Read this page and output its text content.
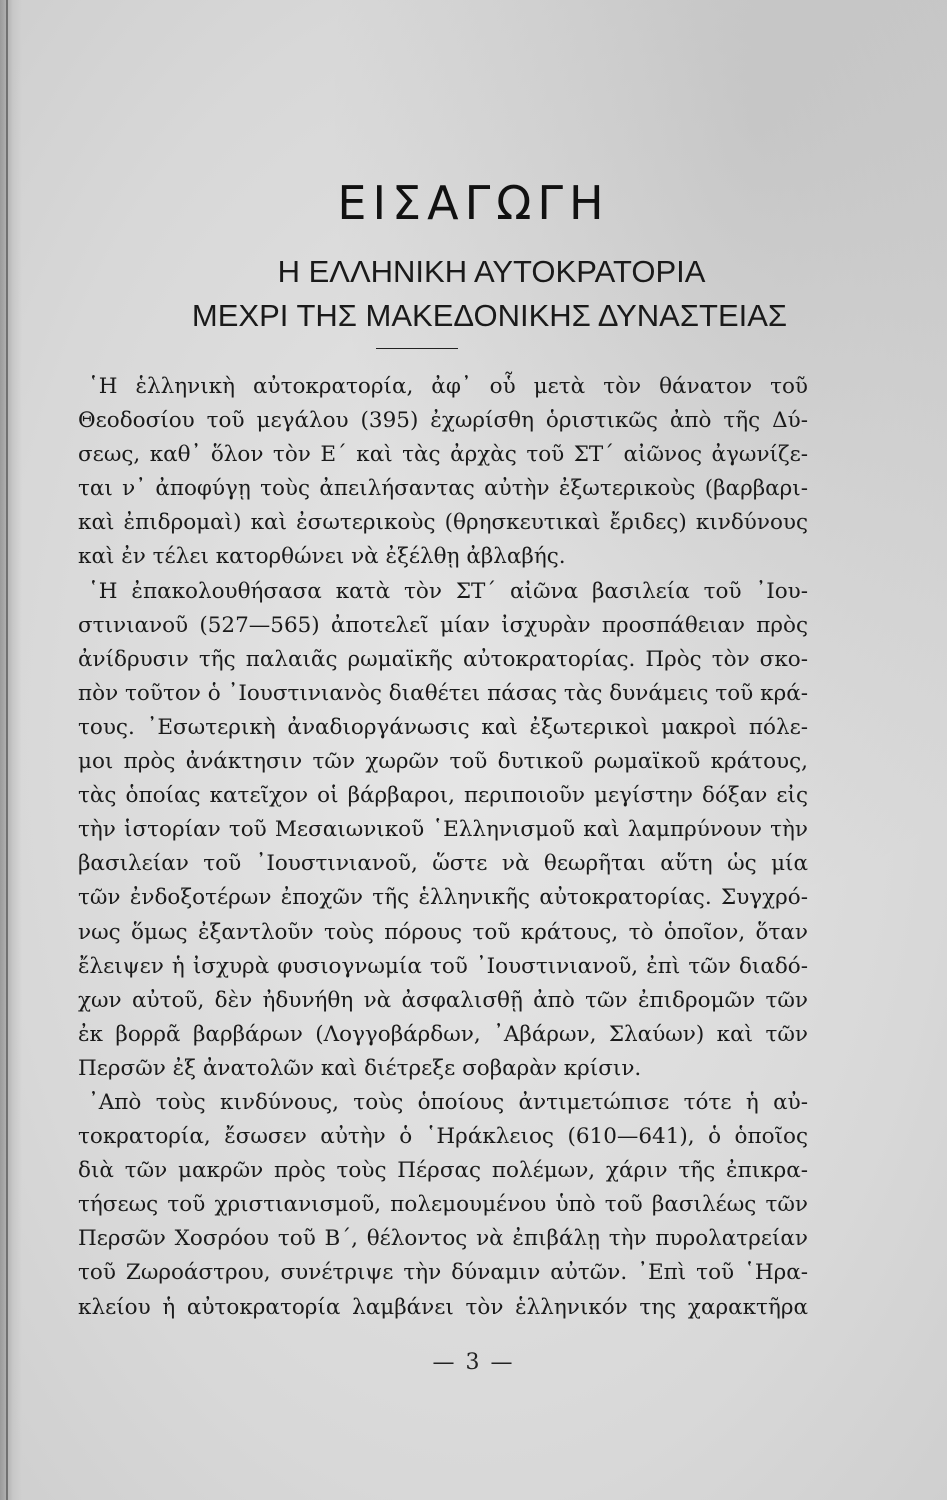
ΕΙΣΑΓΩΓΗ
Η ΕΛΛΗΝΙΚΗ ΑΥΤΟΚΡΑΤΟΡΙΑ
ΜΕΧΡΙ ΤΗΣ ΜΑΚΕΔΟΝΙΚΗΣ ΔΥΝΑΣΤΕΙΑΣ
῾Η ἑλληνικὴ αὐτοκρατορία, ἀφ᾿ οὗ μετὰ τὸν θάνατον τοῦ
Θεοδοσίου τοῦ μεγάλου (395) ἐχωρίσθη ὁριστικῶς ἀπὸ τῆς Δύ-
σεως, καθ᾿ ὅλον τὸν Ε΄ καὶ τὰς ἀρχὰς τοῦ ΣΤ΄ αἰῶνος ἀγωνίζε-
ται ν᾿ ἀποφύγῃ τοὺς ἀπειλήσαντας αὐτὴν ἐξωτερικοὺς (βαρβαρι-
καὶ ἐπιδρομαὶ) καὶ ἐσωτερικοὺς (θρησκευτικαὶ ἔριδες) κινδύνους
καὶ ἐν τέλει κατορθώνει νὰ ἐξέλθῃ ἀβλαβής.
῾Η ἐπακολουθήσασα κατὰ τὸν ΣΤ΄ αἰῶνα βασιλεία τοῦ ᾿Ιου-
στινιανοῦ (527—565) ἀποτελεῖ μίαν ἰσχυρὰν προσπάθειαν πρὸς
ἀνίδρυσιν τῆς παλαιᾶς ρωμαϊκῆς αὐτοκρατορίας. Πρὸς τὸν σκο-
πὸν τοῦτον ὁ ᾿Ιουστινιανὸς διαθέτει πάσας τὰς δυνάμεις τοῦ κρά-
τους. ᾿Εσωτερικὴ ἀναδιοργάνωσις καὶ ἐξωτερικοὶ μακροὶ πόλε-
μοι πρὸς ἀνάκτησιν τῶν χωρῶν τοῦ δυτικοῦ ρωμαϊκοῦ κράτους,
τὰς ὁποίας κατεῖχον οἱ βάρβαροι, περιποιοῦν μεγίστην δόξαν εἰς
τὴν ἱστορίαν τοῦ Μεσαιωνικοῦ ῾Ελληνισμοῦ καὶ λαμπρύνουν τὴν
βασιλείαν τοῦ ᾿Ιουστινιανοῦ, ὥστε νὰ θεωρῆται αὕτη ὡς μία
τῶν ἐνδοξοτέρων ἐποχῶν τῆς ἑλληνικῆς αὐτοκρατορίας. Συγχρό-
νως ὅμως ἐξαντλοῦν τοὺς πόρους τοῦ κράτους, τὸ ὁποῖον, ὅταν
ἔλειψεν ἡ ἰσχυρὰ φυσιογνωμία τοῦ ᾿Ιουστινιανοῦ, ἐπὶ τῶν διαδό-
χων αὐτοῦ, δὲν ἠδυνήθη νὰ ἀσφαλισθῇ ἀπὸ τῶν ἐπιδρομῶν τῶν
ἐκ βορρᾶ βαρβάρων (Λογγοβάρδων, ᾿Αβάρων, Σλαύων) καὶ τῶν
Περσῶν ἐξ ἀνατολῶν καὶ διέτρεξε σοβαρὰν κρίσιν.
᾿Απὸ τοὺς κινδύνους, τοὺς ὁποίους ἀντιμετώπισε τότε ἡ αὐ-
τοκρατορία, ἔσωσεν αὐτὴν ὁ ῾Ηράκλειος (610—641), ὁ ὁποῖος
διὰ τῶν μακρῶν πρὸς τοὺς Πέρσας πολέμων, χάριν τῆς ἐπικρα-
τήσεως τοῦ χριστιανισμοῦ, πολεμουμένου ὑπὸ τοῦ βασιλέως τῶν
Περσῶν Χοσρόου τοῦ Β΄, θέλοντος νὰ ἐπιβάλῃ τὴν πυρολατρείαν
τοῦ Ζωροάστρου, συνέτριψε τὴν δύναμιν αὐτῶν. ᾿Επὶ τοῦ ῾Ηρα-
κλείου ἡ αὐτοκρατορία λαμβάνει τὸν ἑλληνικόν της χαρακτῆρα
— 3 —
